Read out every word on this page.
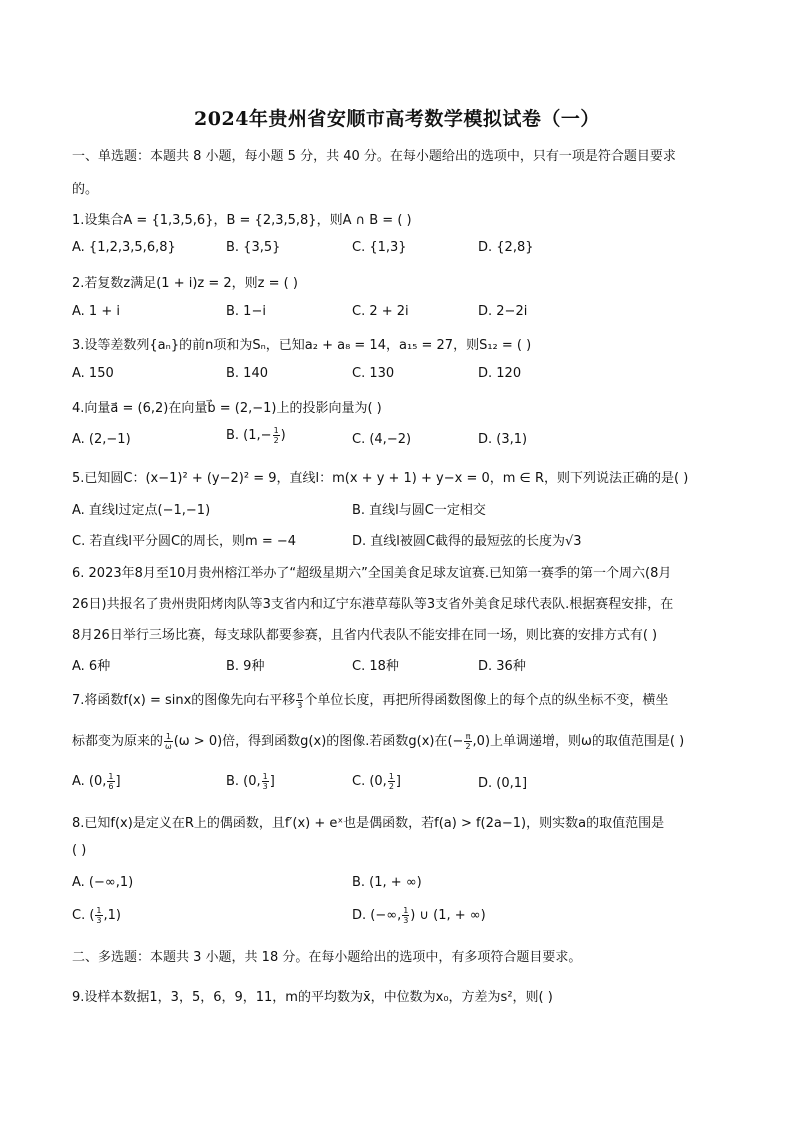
2024年贵州省安顺市高考数学模拟试卷（一）
一、单选题：本题共 8 小题，每小题 5 分，共 40 分。在每小题给出的选项中，只有一项是符合题目要求
的。
1.设集合A = {1,3,5,6}，B = {2,3,5,8}，则A ∩ B = ( )
A. {1,2,3,5,6,8}	B. {3,5}	C. {1,3}	D. {2,8}
2.若复数z满足(1 + i)z = 2，则z = ( )
A. 1 + i	B. 1−i	C. 2 + 2i	D. 2−2i
3.设等差数列{aₙ}的前n项和为Sₙ，已知a₂ + a₈ = 14，a₁₅ = 27，则S₁₂ = ( )
A. 150	B. 140	C. 130	D. 120
4.向量a⃗ = (6,2)在向量b⃗ = (2,−1)上的投影向量为( )
A. (2,−1)	B. ($1,- \frac{1}{2}$ )	C. (4,−2)	D. (3,1)
5.已知圆C：(x−1)² + (y−2)² = 9，直线l：m(x + y + 1) + y−x = 0，m ∈ R，则下列说法正确的是( )
A. 直线l过定点(−1,−1)	B. 直线l与圆C一定相交
C. 若直线l平分圆C的周长，则m = −4	D. 直线l被圆C截得的最短弦的长度为√3
6. 2023年8月至10月贵州榕江举办了“超级星期六”全国美食足球友谊赛.已知第一赛季的第一个周六(8月
26日)共报名了贵州贵阳烤肉队等3支省内和辽宁东港草莓队等3支省外美食足球代表队.根据赛程安排，在
8月26日举行三场比赛，每支球队都要参赛，且省内代表队不能安排在同一场，则比赛的安排方式有( )
A. 6种	B. 9种	C. 18种	D. 36种
7.将函数f(x) = sinx的图像先向右平移 $\frac{\pi}{3}$ 个单位长度，再把所得函数图像上的每个点的纵坐标不变，横坐
标都变为原来的 $\frac{1}{\omega} (\omega > 0)$倍，得到函数g(x)的图像.若函数g(x)在(− $\frac{\pi}{2} ,0$)上单调递增，则ω的取值范围是( )
A. (0, $\frac{1}{6}$ ]	B. (0, $\frac{1}{3}$ ]	C. (0, $\frac{1}{2}$ ]	D. (0,1]
8.已知f(x)是定义在R上的偶函数，且f′(x) + eˣ也是偶函数，若f(a) > f(2a−1)，则实数a的取值范围是
( )
A. (−∞,1)	B. (1, + ∞)
C. ( $\frac{1}{3} ,1$)	D. (−∞, $\frac{1}{3}$ ) ∪ (1, + ∞)
二、多选题：本题共 3 小题，共 18 分。在每小题给出的选项中，有多项符合题目要求。
9.设样本数据1，3，5，6，9，11，m的平均数为x̄，中位数为x₀，方差为s²，则( )
